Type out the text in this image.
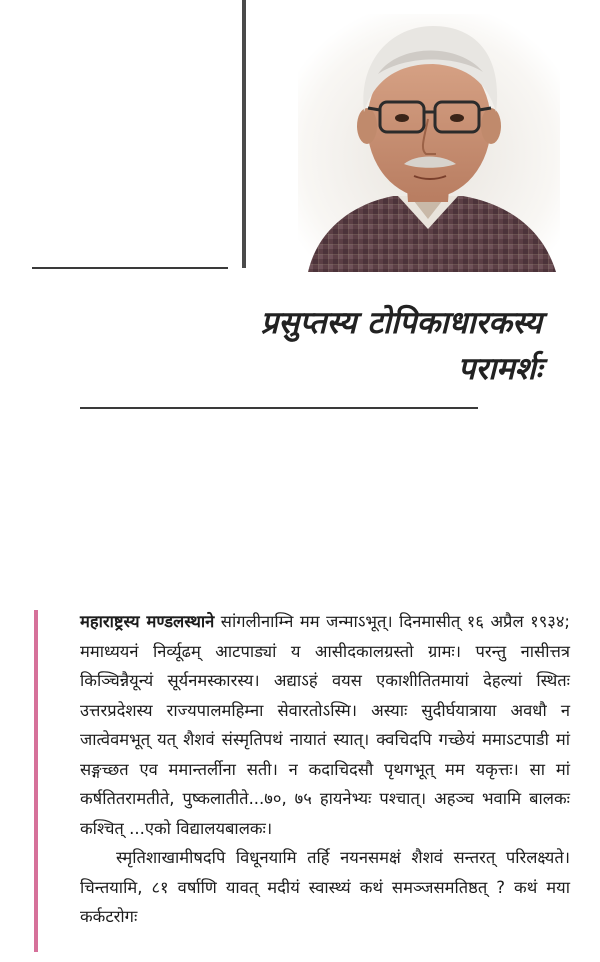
प्रसुप्तस्य टोपिकाधारकस्य
परामर्शः

महाराष्ट्रस्य मण्डलस्थाने सांगलीनाम्नि मम जन्माऽभूत्। दिनमासीत् १६ अप्रैल १९३४; ममाध्ययनं निर्व्यूढम् आटपाड्यां य आसीदकालग्रस्तो ग्रामः। परन्तु नासीत्तत्र किञ्चिन्नैयून्यं सूर्यनमस्कारस्य। अद्याऽहं वयस एकाशीतितमायां देहल्यां स्थितः उत्तरप्रदेशस्य राज्यपालमहिम्ना सेवारतोऽस्मि। अस्याः सुदीर्घयात्राया अवधौ न जात्वेवमभूत् यत् शैशवं संस्मृतिपथं नायातं स्यात्। क्वचिदपि गच्छेयं ममाऽटपाडी मां सङ्गच्छत एव ममान्तर्लीना सती। न कदाचिदसौ पृथगभूत् मम यकृत्तः। सा मां कर्षतितरामतीते, पुष्कलातीते...७०, ७५ हायनेभ्यः पश्चात्। अहञ्च भवामि बालकः कश्चित् ...एको विद्यालयबालकः।

स्मृतिशाखामीषदपि विधूनयामि तर्हि नयनसमक्षं शैशवं सन्तरत् परिलक्ष्यते। चिन्तयामि, ८१ वर्षाणि यावत् मदीयं स्वास्थ्यं कथं समञ्जसमतिष्ठत् ? कथं मया कर्कटरोगः
